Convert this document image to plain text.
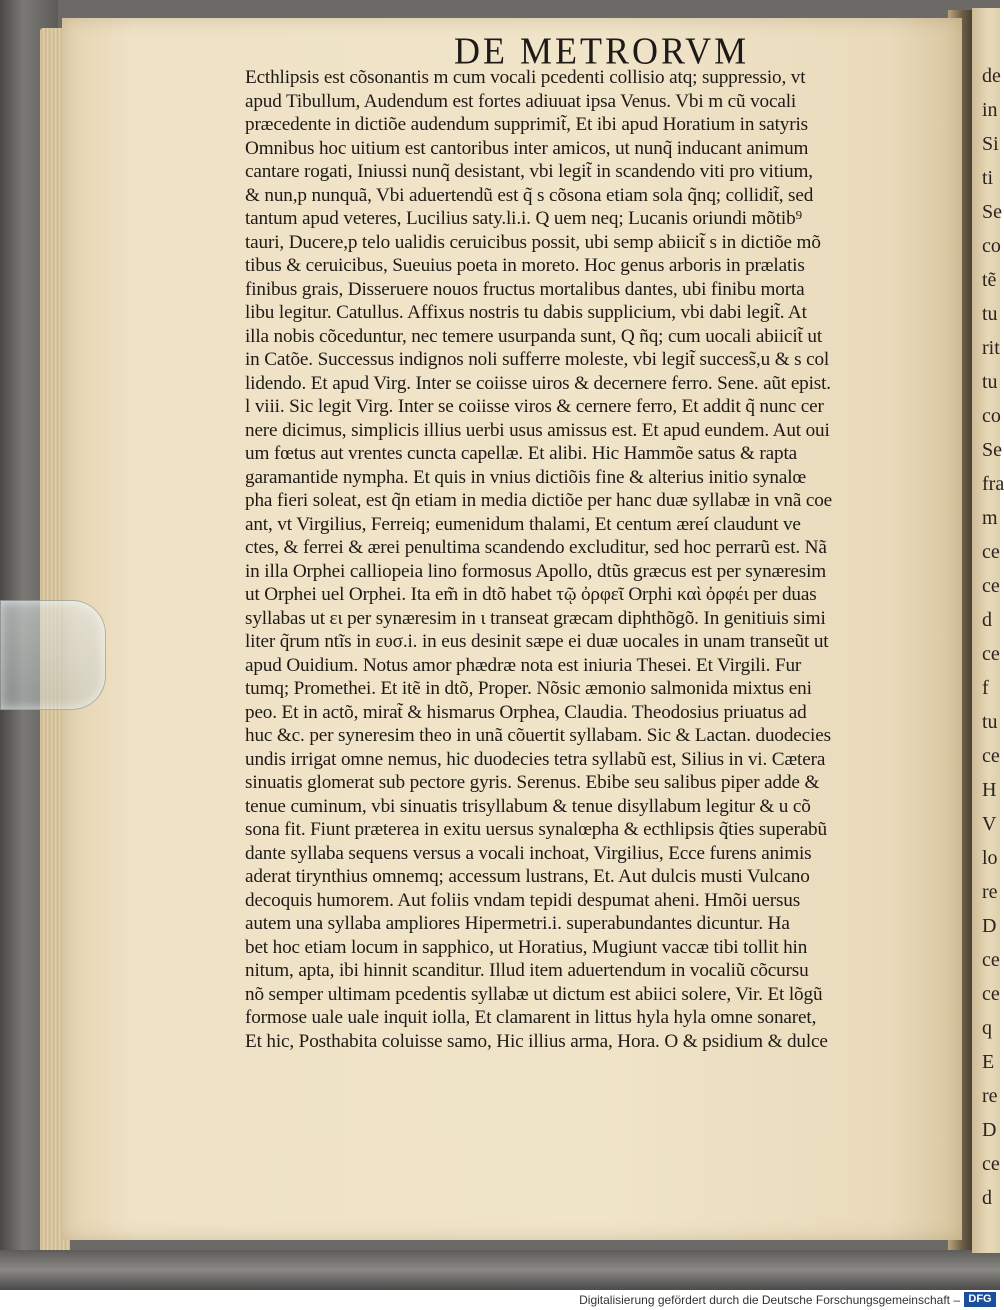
de
in
Si
ti
Se
co
tẽ
tu
rit
tu
co
Se
fra
m
ce
ce
d
ce
f
tu
ce
H
V
lo
re
D
ce
ce
q
E
re
D
ce
d
DE METRORVM
Ecthlipsis est cõsonantis m cum vocali pcedenti collisio atq; suppressio, vt
apud Tibullum, Audendum est fortes adiuuat ipsa Venus. Vbi m cũ vocali
præcedente in dictiõe audendum supprimit̃, Et ibi apud Horatium in satyris
Omnibus hoc uitium est cantoribus inter amicos, ut nunq̃ inducant animum
cantare rogati, Iniussi nunq̃ desistant, vbi legit̃ in scandendo viti pro vitium,
& nun,p nunquã, Vbi aduertendũ est q̃ s cõsona etiam sola q̃nq; collidit̃, sed
tantum apud veteres, Lucilius saty.li.i. Q uem neq; Lucanis oriundi mõtib⁹
tauri, Ducere,p telo ualidis ceruicibus possit, ubi semp abiicit̃ s in dictiõe mõ
tibus & ceruicibus, Sueuius poeta in moreto. Hoc genus arboris in prælatis
finibus grais, Disseruere nouos fructus mortalibus dantes, ubi finibu morta
libu legitur. Catullus. Affixus nostris tu dabis supplicium, vbi dabi legit̃. At
illa nobis cõceduntur, nec temere usurpanda sunt, Q ñq; cum uocali abiicit̃ ut
in Catõe. Successus indignos noli sufferre moleste, vbi legit̃ success̃,u & s col
lidendo. Et apud Virg. Inter se coiisse uiros & decernere ferro. Sene. aũt epist.
l viii. Sic legit Virg. Inter se coiisse viros & cernere ferro, Et addit q̃ nunc cer
nere dicimus, simplicis illius uerbi usus amissus est. Et apud eundem. Aut oui
um fœtus aut vrentes cuncta capellæ. Et alibi. Hic Hammõe satus & rapta
garamantide nympha. Et quis in vnius dictiõis fine & alterius initio synalœ
pha fieri soleat, est q̃n etiam in media dictiõe per hanc duæ syllabæ in vnã coe
ant, vt Virgilius, Ferreiq; eumenidum thalami, Et centum æreí claudunt ve
ctes, & ferrei & ærei penultima scandendo excluditur, sed hoc perrarũ est. Nã
in illa Orphei calliopeia lino formosus Apollo, dtũs græcus est per synæresim
ut Orphei uel Orphei. Ita em̃ in dtõ habet τῷ ὀρφεῖ Orphi καὶ ὀρφέι per duas
syllabas ut ει per synæresim in ι transeat græcam diphthõgõ. In genitiuis simi
liter q̃rum ntĩs in ευσ.i. in eus desinit sæpe ei duæ uocales in unam transeũt ut
apud Ouidium. Notus amor phædræ nota est iniuria Thesei. Et Virgili. Fur
tumq; Promethei. Et itẽ in dtõ, Proper. Nõsic æmonio salmonida mixtus eni
peo. Et in actõ, mirat̃ & hismarus Orphea, Claudia. Theodosius priuatus ad
huc &c. per syneresim theo in unã cõuertit syllabam. Sic & Lactan. duodecies
undis irrigat omne nemus, hic duodecies tetra syllabũ est, Silius in vi. Cætera
sinuatis glomerat sub pectore gyris. Serenus. Ebibe seu salibus piper adde &
tenue cuminum, vbi sinuatis trisyllabum & tenue disyllabum legitur & u cõ
sona fit. Fiunt præterea in exitu uersus synalœpha & ecthlipsis q̃ties superabũ
dante syllaba sequens versus a vocali inchoat, Virgilius, Ecce furens animis
aderat tirynthius omnemq; accessum lustrans, Et. Aut dulcis musti Vulcano
decoquis humorem. Aut foliis vndam tepidi despumat aheni. Hmõi uersus
autem una syllaba ampliores Hipermetri.i. superabundantes dicuntur. Ha
bet hoc etiam locum in sapphico, ut Horatius, Mugiunt vaccæ tibi tollit hin
nitum, apta, ibi hinnit scanditur. Illud item aduertendum in vocaliũ cõcursu
nõ semper ultimam pcedentis syllabæ ut dictum est abiici solere, Vir. Et lõgũ
formose uale uale inquit iolla, Et clamarent in littus hyla hyla omne sonaret,
Et hic, Posthabita coluisse samo, Hic illius arma, Hora. O & psidium & dulce
Digitalisierung gefördert durch die Deutsche Forschungsgemeinschaft – DFG
